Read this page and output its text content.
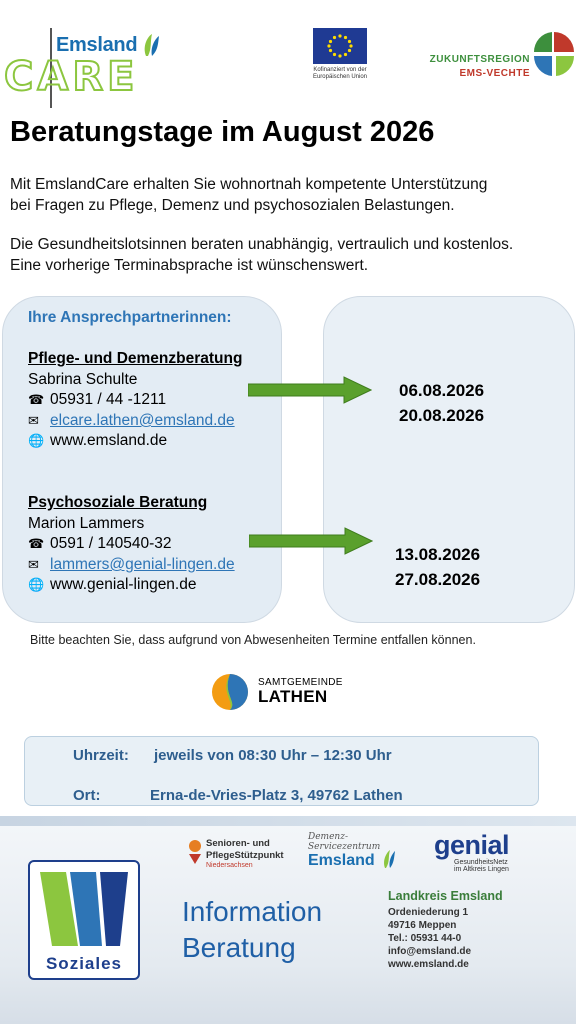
Emsland
CARE	Kofinanziert von der
Europäischen Union
ZUKUNFTSREGION
EMS-VECHTE
Beratungstage im August 2026
Mit EmslandCare erhalten Sie wohnortnah kompetente Unterstützung
bei Fragen zu Pflege, Demenz und psychosozialen Belastungen.
Die Gesundheitslotsinnen beraten unabhängig, vertraulich und kostenlos.
Eine vorherige Terminabsprache ist wünschenswert.
Ihre Ansprechpartnerinnen:
Pflege- und Demenzberatung
Sabrina Schulte
☎ 05931 / 44 -1211
✉ elcare.lathen@emsland.de
🌐 www.emsland.de
06.08.2026
20.08.2026
Psychosoziale Beratung
Marion Lammers
☎ 0591 / 140540-32
✉ lammers@genial-lingen.de
🌐 www.genial-lingen.de
13.08.2026
27.08.2026
Bitte beachten Sie, dass aufgrund von Abwesenheiten Termine entfallen können.
SAMTGEMEINDE
LATHEN
Uhrzeit: jeweils von 08:30 Uhr – 12:30 Uhr
Ort:	Erna-de-Vries-Platz 3, 49762 Lathen
Senioren- und
PflegeStützpunkt
Niedersachsen
Demenz-
Servicezentrum
Emsland
genial
GesundheitsNetz
im Altkreis Lingen
Soziales
Information
Beratung
Landkreis Emsland
Ordeniederung 1
49716 Meppen
Tel.: 05931 44-0
info@emsland.de
www.emsland.de
